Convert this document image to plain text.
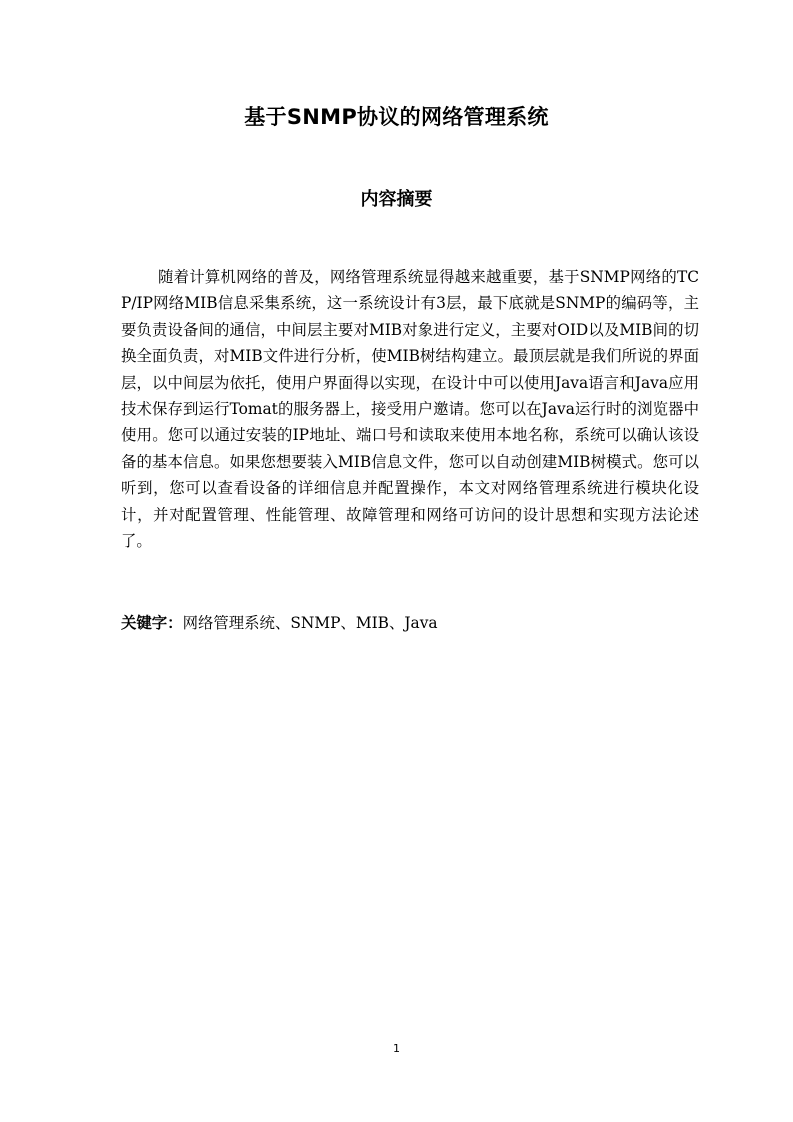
基于SNMP协议的网络管理系统
内容摘要

随着计算机网络的普及，网络管理系统显得越来越重要，基于SNMP网络的TCP/IP网络MIB信息采集系统，这一系统设计有3层，最下底就是SNMP的编码等，主要负责设备间的通信，中间层主要对MIB对象进行定义，主要对OID以及MIB间的切换全面负责，对MIB文件进行分析，使MIB树结构建立。最顶层就是我们所说的界面层，以中间层为依托，使用户界面得以实现，在设计中可以使用Java语言和Java应用技术保存到运行Tomat的服务器上，接受用户邀请。您可以在Java运行时的浏览器中使用。您可以通过安装的IP地址、端口号和读取来使用本地名称，系统可以确认该设备的基本信息。如果您想要装入MIB信息文件，您可以自动创建MIB树模式。您可以听到，您可以查看设备的详细信息并配置操作，本文对网络管理系统进行模块化设计，并对配置管理、性能管理、故障管理和网络可访问的设计思想和实现方法论述了。

关键字：网络管理系统、SNMP、MIB、Java

1
